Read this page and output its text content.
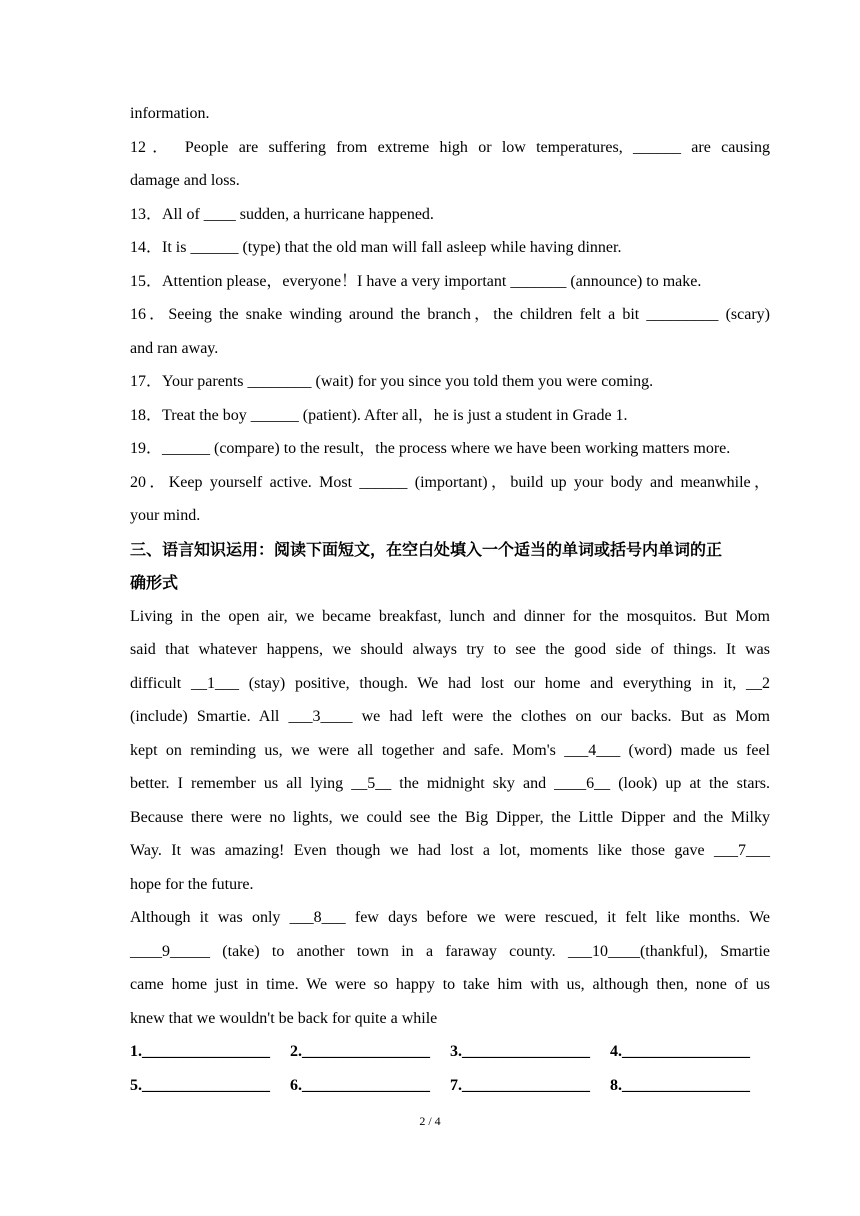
information.
12． People are suffering from extreme high or low temperatures, ______ are causing
damage and loss.
13．All of ____ sudden, a hurricane happened.
14．It is ______ (type) that the old man will fall asleep while having dinner.
15．Attention please，everyone！I have a very important _______ (announce) to make.
16．Seeing the snake winding around the branch，the children felt a bit _________ (scary)
and ran away.
17．Your parents ________ (wait) for you since you told them you were coming.
18．Treat the boy ______ (patient). After all，he is just a student in Grade 1.
19．______ (compare) to the result，the process where we have been working matters more.
20．Keep yourself active. Most ______ (important)，build up your body and meanwhile，
your mind.
三、语言知识运用：阅读下面短文，在空白处填入一个适当的单词或括号内单词的正
确形式
Living in the open air, we became breakfast, lunch and dinner for the mosquitos. But Mom
said that whatever happens, we should always try to see the good side of things. It was
difficult __1___ (stay) positive, though. We had lost our home and everything in it, __2
(include) Smartie. All ___3____ we had left were the clothes on our backs. But as Mom
kept on reminding us, we were all together and safe. Mom's ___4___ (word) made us feel
better. I remember us all lying __5__ the midnight sky and ____6__ (look) up at the stars.
Because there were no lights, we could see the Big Dipper, the Little Dipper and the Milky
Way. It was amazing! Even though we had lost a lot, moments like those gave ___7___
hope for the future.
Although it was only ___8___ few days before we were rescued, it felt like months. We
____9_____ (take) to another town in a faraway county. ___10____(thankful), Smartie
came home just in time. We were so happy to take him with us, although then, none of us
knew that we wouldn't be back for quite a while
1.________________	2.________________	3.________________	4.________________
5.________________	6.________________	7.________________	8.________________
2 / 4
